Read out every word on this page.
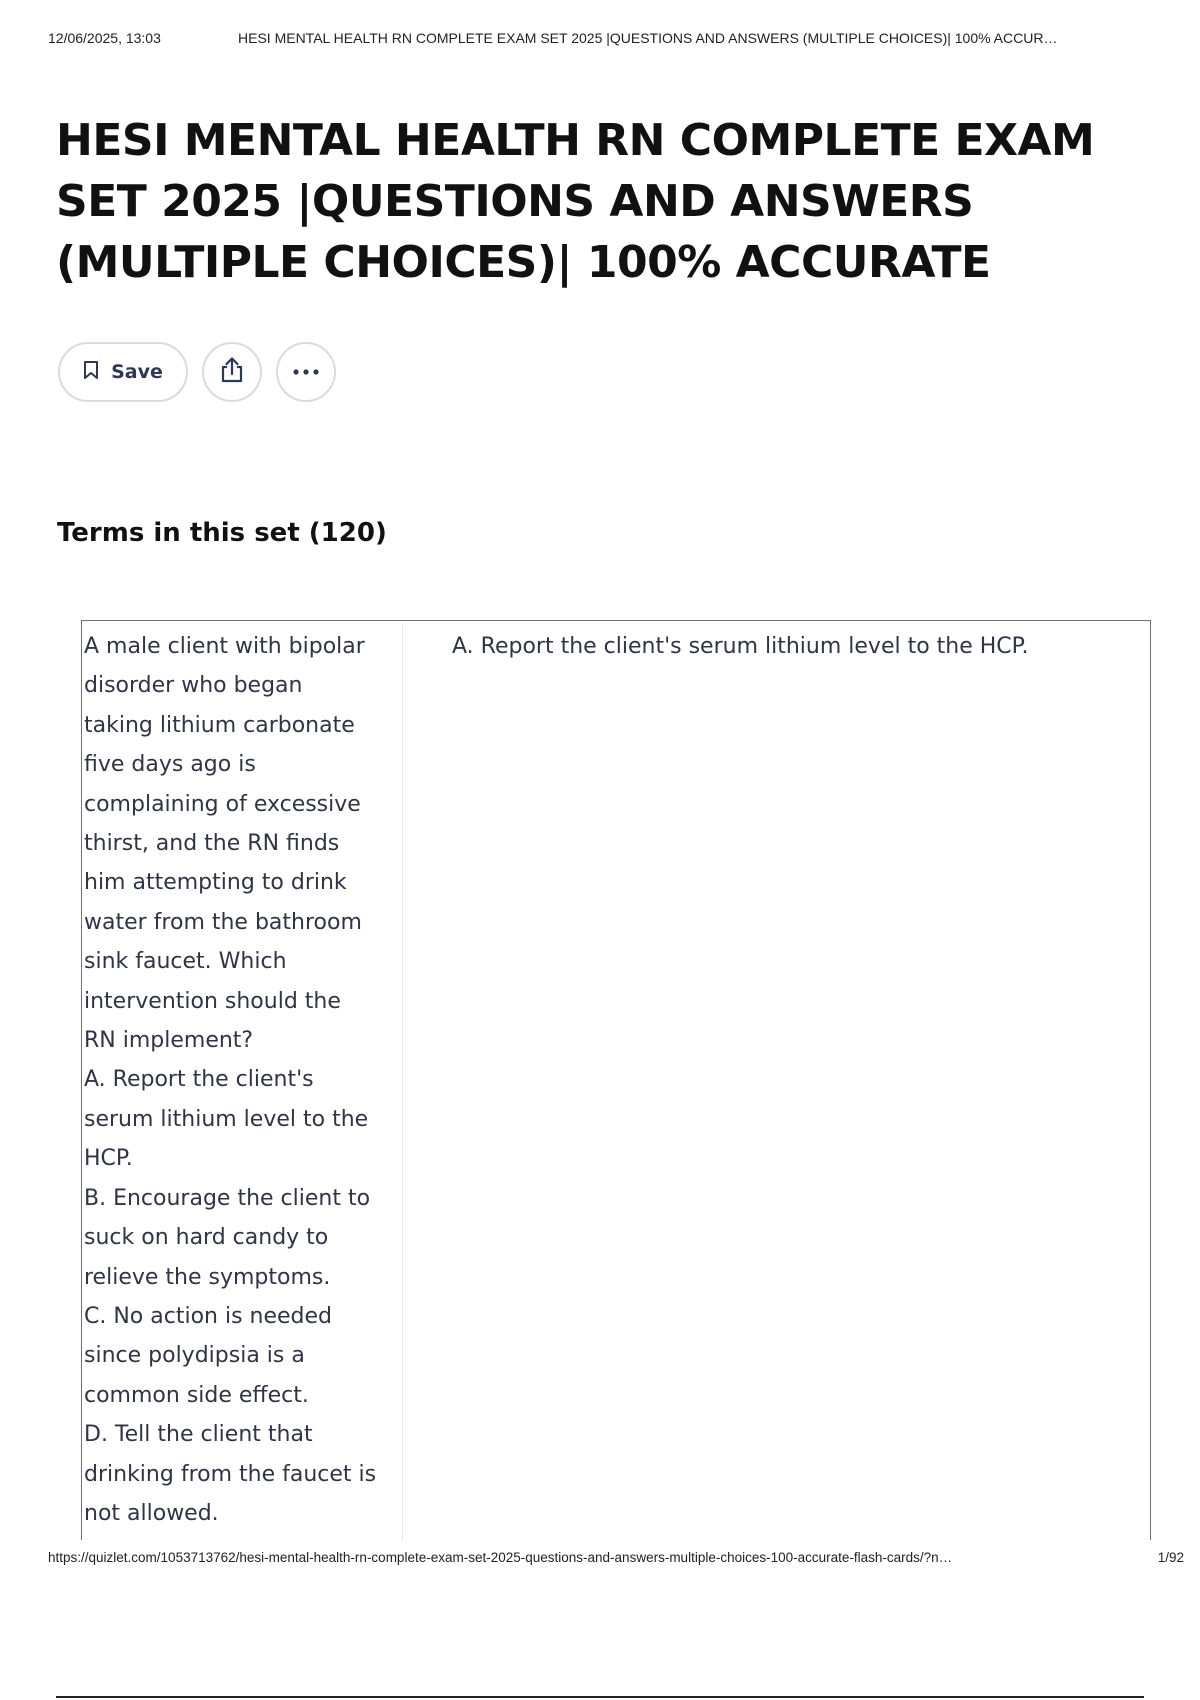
12/06/2025, 13:03	HESI MENTAL HEALTH RN COMPLETE EXAM SET 2025 |QUESTIONS AND ANSWERS (MULTIPLE CHOICES)| 100% ACCUR…
HESI MENTAL HEALTH RN COMPLETE EXAM SET 2025 |QUESTIONS AND ANSWERS (MULTIPLE CHOICES)| 100% ACCURATE
Save
Terms in this set (120)
A male client with bipolar
disorder who began
taking lithium carbonate
five days ago is
complaining of excessive
thirst, and the RN finds
him attempting to drink
water from the bathroom
sink faucet. Which
intervention should the
RN implement?
A. Report the client's
serum lithium level to the
HCP.
B. Encourage the client to
suck on hard candy to
relieve the symptoms.
C. No action is needed
since polydipsia is a
common side effect.
D. Tell the client that
drinking from the faucet is
not allowed.
A. Report the client's serum lithium level to the HCP.
https://quizlet.com/1053713762/hesi-mental-health-rn-complete-exam-set-2025-questions-and-answers-multiple-choices-100-accurate-flash-cards/?n…	1/92
